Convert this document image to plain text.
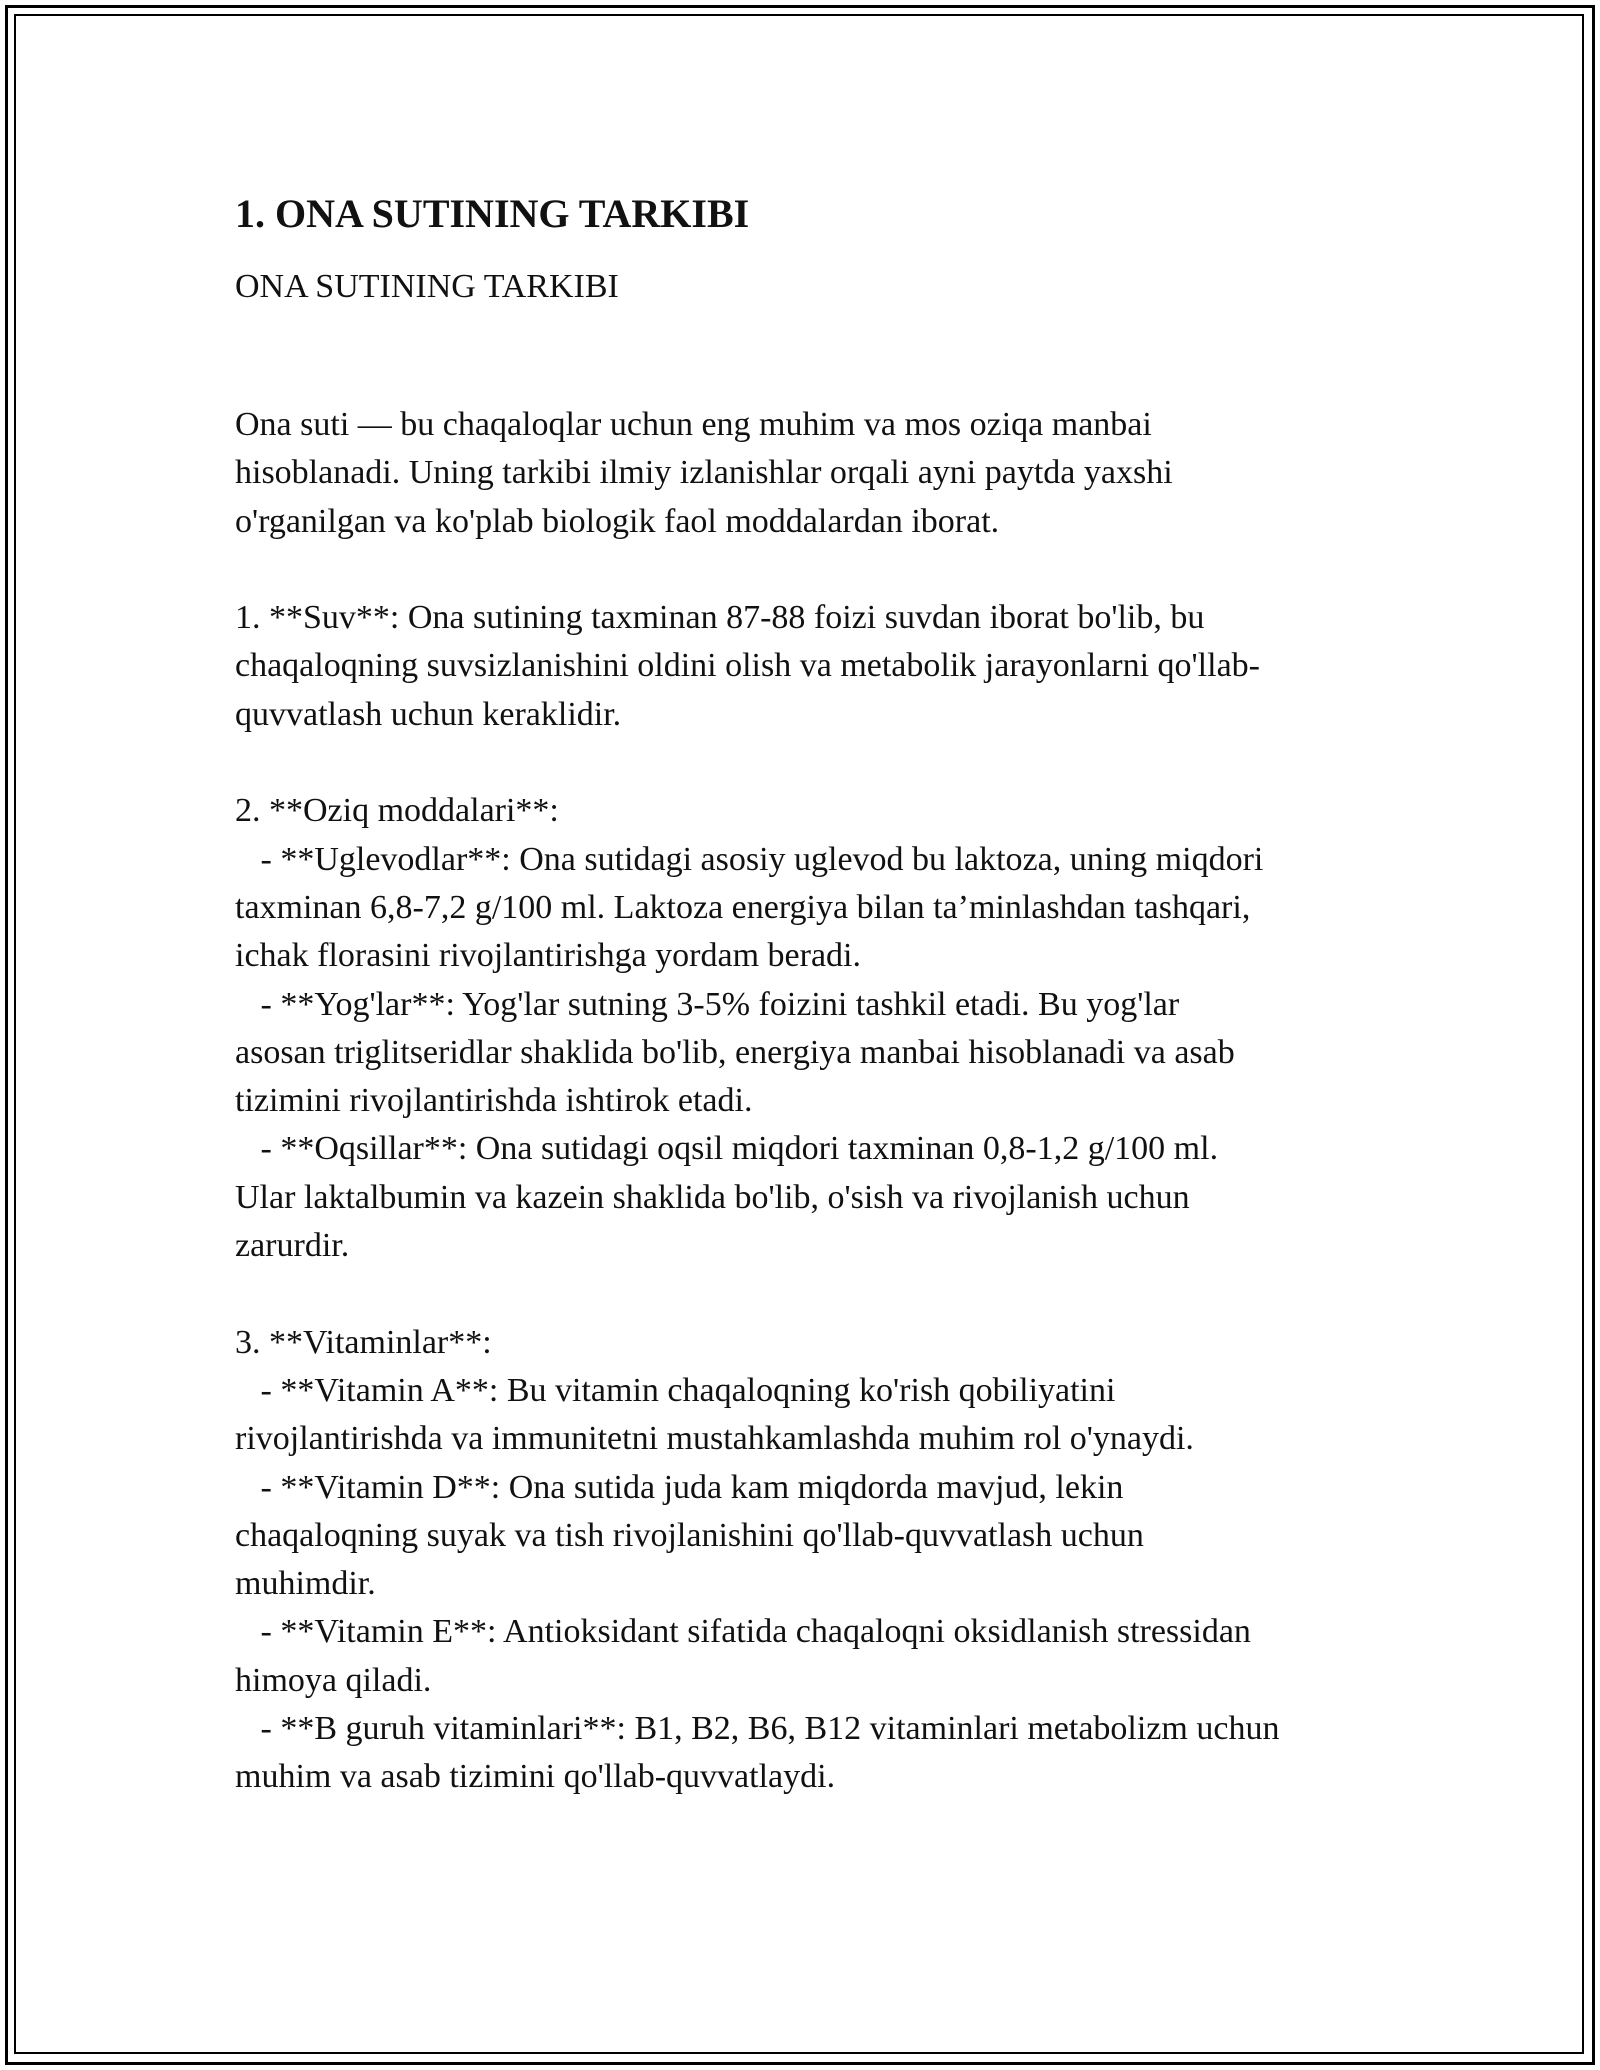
1. ONA SUTINING TARKIBI

ONA SUTINING TARKIBI

Ona suti — bu chaqaloqlar uchun eng muhim va mos oziqa manbai
hisoblanadi. Uning tarkibi ilmiy izlanishlar orqali ayni paytda yaxshi
o'rganilgan va ko'plab biologik faol moddalardan iborat.

1. **Suv**: Ona sutining taxminan 87-88 foizi suvdan iborat bo'lib, bu
chaqaloqning suvsizlanishini oldini olish va metabolik jarayonlarni qo'llab-
quvvatlash uchun keraklidir.

2. **Oziq moddalari**:
- **Uglevodlar**: Ona sutidagi asosiy uglevod bu laktoza, uning miqdori
taxminan 6,8-7,2 g/100 ml. Laktoza energiya bilan ta’minlashdan tashqari,
ichak florasini rivojlantirishga yordam beradi.
- **Yog'lar**: Yog'lar sutning 3-5% foizini tashkil etadi. Bu yog'lar
asosan triglitseridlar shaklida bo'lib, energiya manbai hisoblanadi va asab
tizimini rivojlantirishda ishtirok etadi.
- **Oqsillar**: Ona sutidagi oqsil miqdori taxminan 0,8-1,2 g/100 ml.
Ular laktalbumin va kazein shaklida bo'lib, o'sish va rivojlanish uchun
zarurdir.

3. **Vitaminlar**:
- **Vitamin A**: Bu vitamin chaqaloqning ko'rish qobiliyatini
rivojlantirishda va immunitetni mustahkamlashda muhim rol o'ynaydi.
- **Vitamin D**: Ona sutida juda kam miqdorda mavjud, lekin
chaqaloqning suyak va tish rivojlanishini qo'llab-quvvatlash uchun
muhimdir.
- **Vitamin E**: Antioksidant sifatida chaqaloqni oksidlanish stressidan
himoya qiladi.
- **B guruh vitaminlari**: B1, B2, B6, B12 vitaminlari metabolizm uchun
muhim va asab tizimini qo'llab-quvvatlaydi.
